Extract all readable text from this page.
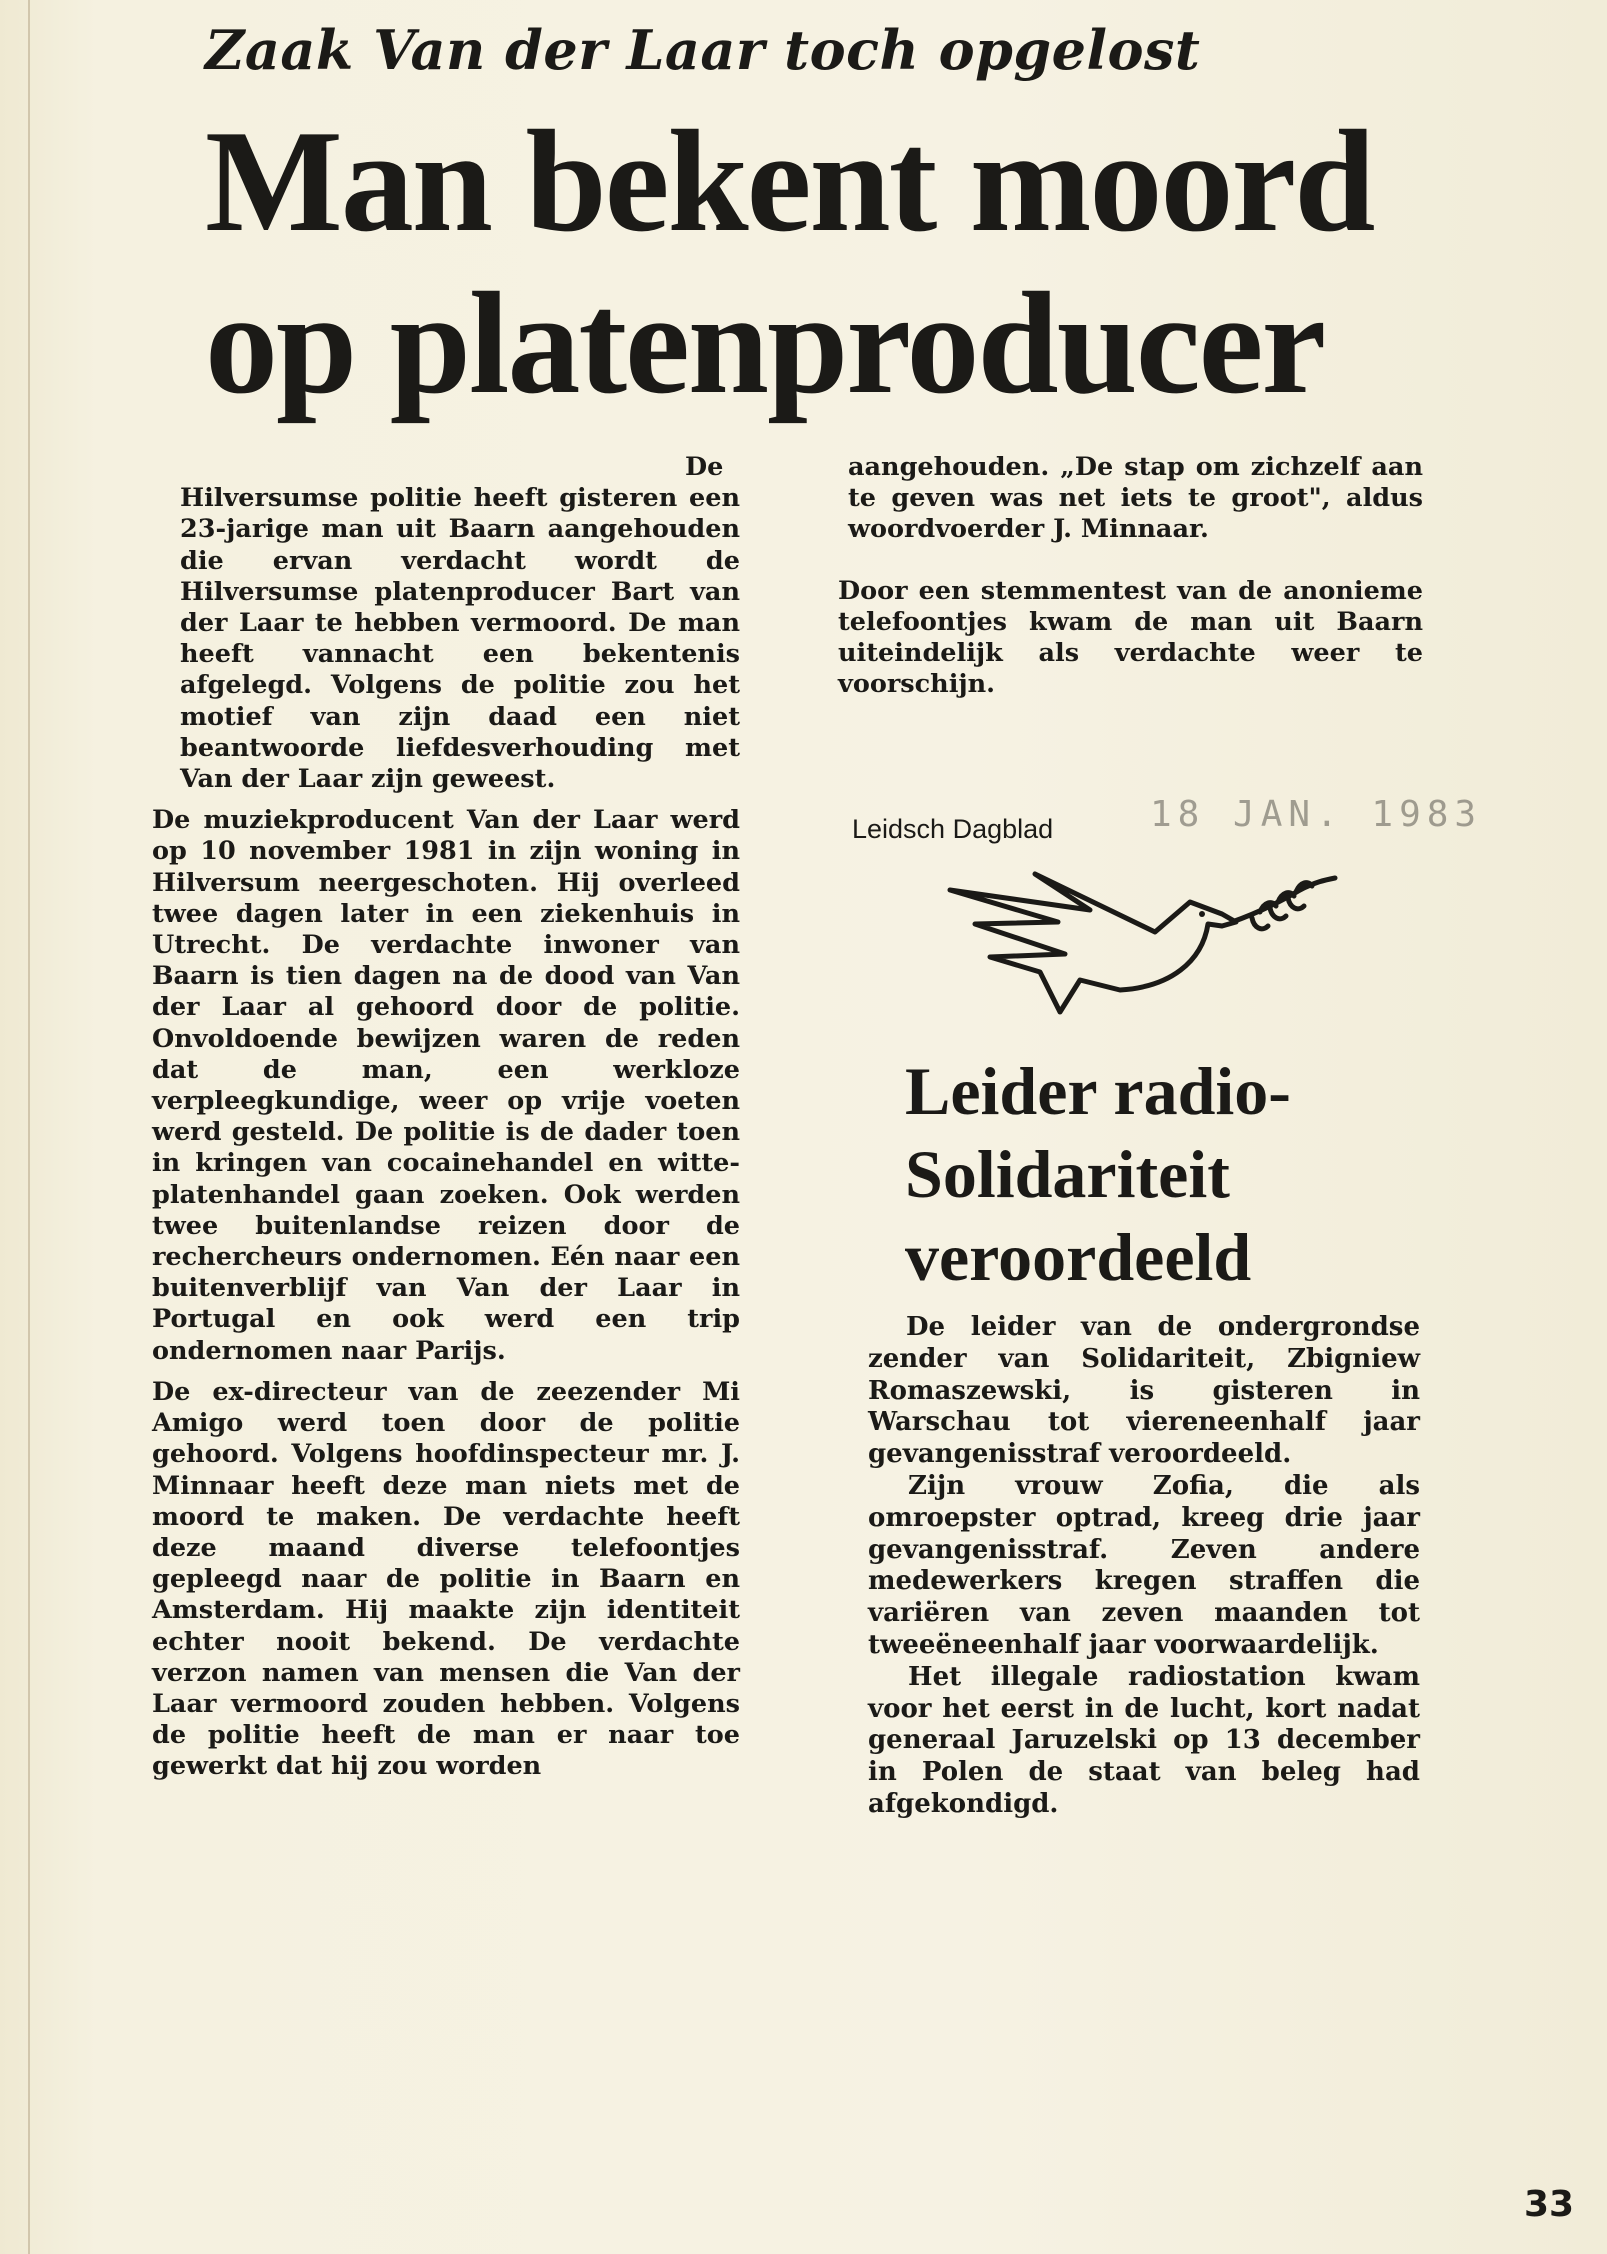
Zaak Van der Laar toch opgelost
Man bekent moord
op platenproducer

De Hilversumse politie heeft gisteren een 23-jarige man uit Baarn aangehouden die ervan verdacht wordt de Hilversumse platenproducer Bart van der Laar te hebben vermoord. De man heeft vannacht een bekentenis afgelegd. Volgens de politie zou het motief van zijn daad een niet beantwoorde liefdesverhouding met Van der Laar zijn geweest.

De muziekproducent Van der Laar werd op 10 november 1981 in zijn woning in Hilversum neergeschoten. Hij overleed twee dagen later in een ziekenhuis in Utrecht. De verdachte inwoner van Baarn is tien dagen na de dood van Van der Laar al gehoord door de politie. Onvoldoende bewijzen waren de reden dat de man, een werkloze verpleegkundige, weer op vrije voeten werd gesteld. De politie is de dader toen in kringen van cocainehandel en witte-platenhandel gaan zoeken. Ook werden twee buitenlandse reizen door de rechercheurs ondernomen. Eén naar een buitenverblijf van Van der Laar in Portugal en ook werd een trip ondernomen naar Parijs.

De ex-directeur van de zeezender Mi Amigo werd toen door de politie gehoord. Volgens hoofdinspecteur mr. J. Minnaar heeft deze man niets met de moord te maken. De verdachte heeft deze maand diverse telefoontjes gepleegd naar de politie in Baarn en Amsterdam. Hij maakte zijn identiteit echter nooit bekend. De verdachte verzon namen van mensen die Van der Laar vermoord zouden hebben. Volgens de politie heeft de man er naar toe gewerkt dat hij zou worden

aangehouden. „De stap om zichzelf aan te geven was net iets te groot", aldus woordvoerder J. Minnaar.

Door een stemmentest van de anonieme telefoontjes kwam de man uit Baarn uiteindelijk als verdachte weer te voorschijn.

Leidsch Dagblad	18 JAN. 1983
Leider radio-
Solidariteit
veroordeeld

De leider van de ondergrondse zender van Solidariteit, Zbigniew Romaszewski, is gisteren in Warschau tot viereneenhalf jaar gevangenisstraf veroordeeld.

Zijn vrouw Zofia, die als omroepster optrad, kreeg drie jaar gevangenisstraf. Zeven andere medewerkers kregen straffen die variëren van zeven maanden tot tweeëneenhalf jaar voorwaardelijk.

Het illegale radiostation kwam voor het eerst in de lucht, kort nadat generaal Jaruzelski op 13 december in Polen de staat van beleg had afgekondigd.

33
